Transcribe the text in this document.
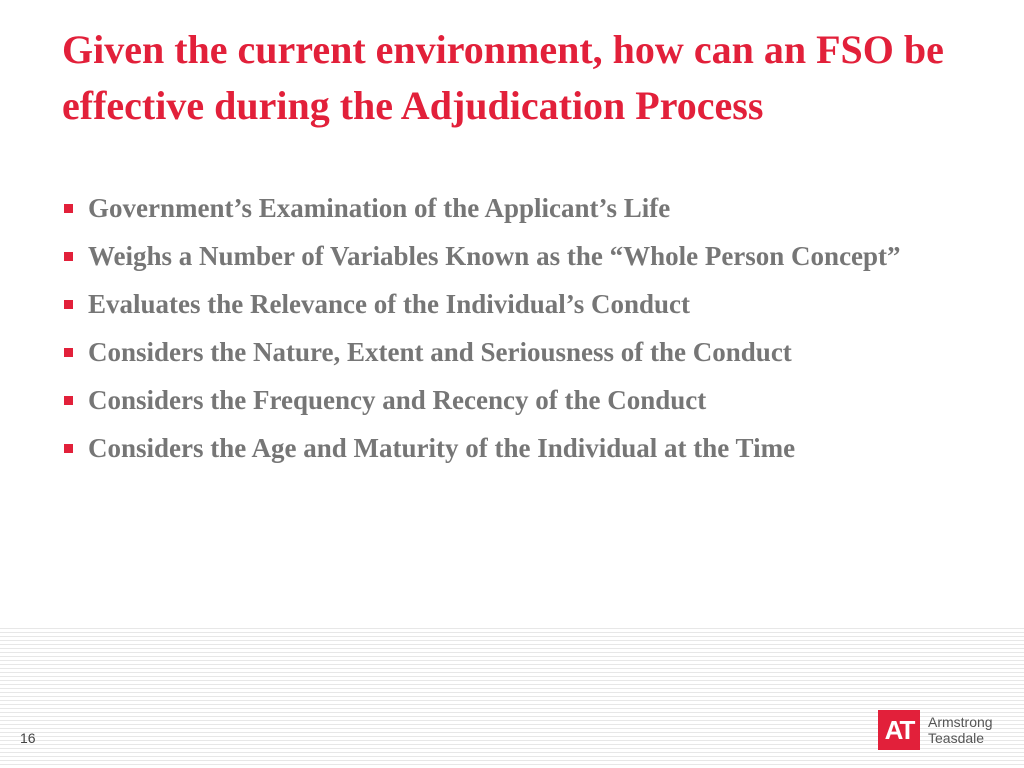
Given the current environment, how can an FSO be effective during the Adjudication Process
Government’s Examination of the Applicant’s Life
Weighs a Number of Variables Known as the “Whole Person Concept”
Evaluates the Relevance of the Individual’s Conduct
Considers the Nature, Extent and Seriousness of the Conduct
Considers the Frequency and Recency of the Conduct
Considers the Age and Maturity of the Individual at the Time
16	AT	Armstrong
Teasdale
